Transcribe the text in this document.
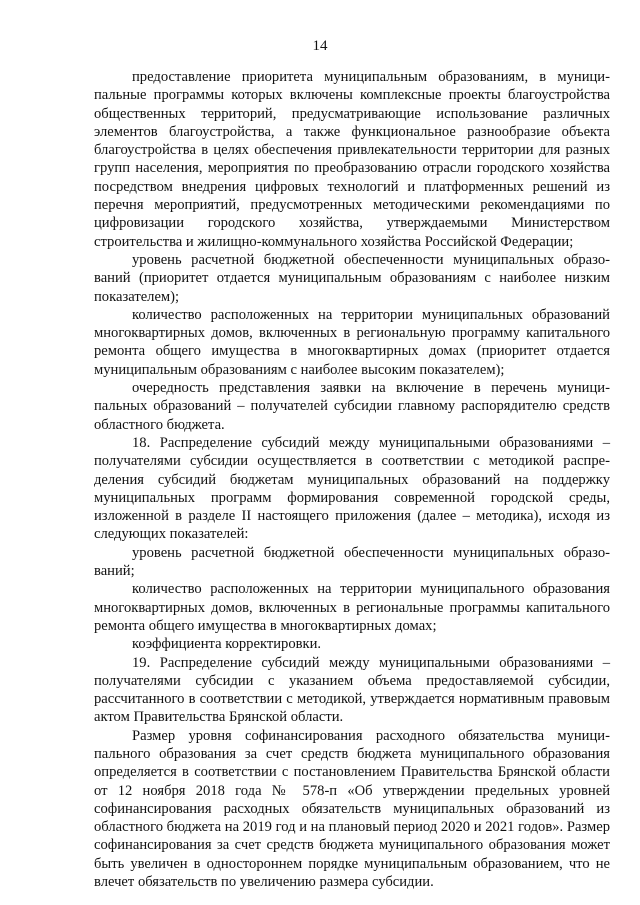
14

предоставление приоритета муниципальным образованиям, в муниципальные программы которых включены комплексные проекты благоустройства общественных территорий, предусматривающие использование различных элементов благоустройства, а также функциональное разнообразие объекта благоустройства в целях обеспечения привлекательности территории для разных групп населения, мероприятия по преобразованию отрасли городского хозяйства посредством внедрения цифровых технологий и платформенных решений из перечня мероприятий, предусмотренных методическими рекомендациями по цифровизации городского хозяйства, утверждаемыми Министерством строительства и жилищно-коммунального хозяйства Российской Федерации;

уровень расчетной бюджетной обеспеченности муниципальных образований (приоритет отдается муниципальным образованиям с наиболее низким показателем);

количество расположенных на территории муниципальных образований многоквартирных домов, включенных в региональную программу капитального ремонта общего имущества в многоквартирных домах (приоритет отдается муниципальным образованиям с наиболее высоким показателем);

очередность представления заявки на включение в перечень муниципальных образований – получателей субсидии главному распорядителю средств областного бюджета.

18. Распределение субсидий между муниципальными образованиями – получателями субсидии осуществляется в соответствии с методикой распределения субсидий бюджетам муниципальных образований на поддержку муниципальных программ формирования современной городской среды, изложенной в разделе II настоящего приложения (далее – методика), исходя из следующих показателей:

уровень расчетной бюджетной обеспеченности муниципальных образований;

количество расположенных на территории муниципального образования многоквартирных домов, включенных в региональные программы капитального ремонта общего имущества в многоквартирных домах;

коэффициента корректировки.

19. Распределение субсидий между муниципальными образованиями – получателями субсидии с указанием объема предоставляемой субсидии, рассчитанного в соответствии с методикой, утверждается нормативным правовым актом Правительства Брянской области.

Размер уровня софинансирования расходного обязательства муниципального образования за счет средств бюджета муниципального образования определяется в соответствии с постановлением Правительства Брянской области от 12 ноября 2018 года № 578-п «Об утверждении предельных уровней софинансирования расходных обязательств муниципальных образований из областного бюджета на 2019 год и на плановый период 2020 и 2021 годов». Размер софинансирования за счет средств бюджета муниципального образования может быть увеличен в одностороннем порядке муниципальным образованием, что не влечет обязательств по увеличению размера субсидии.
